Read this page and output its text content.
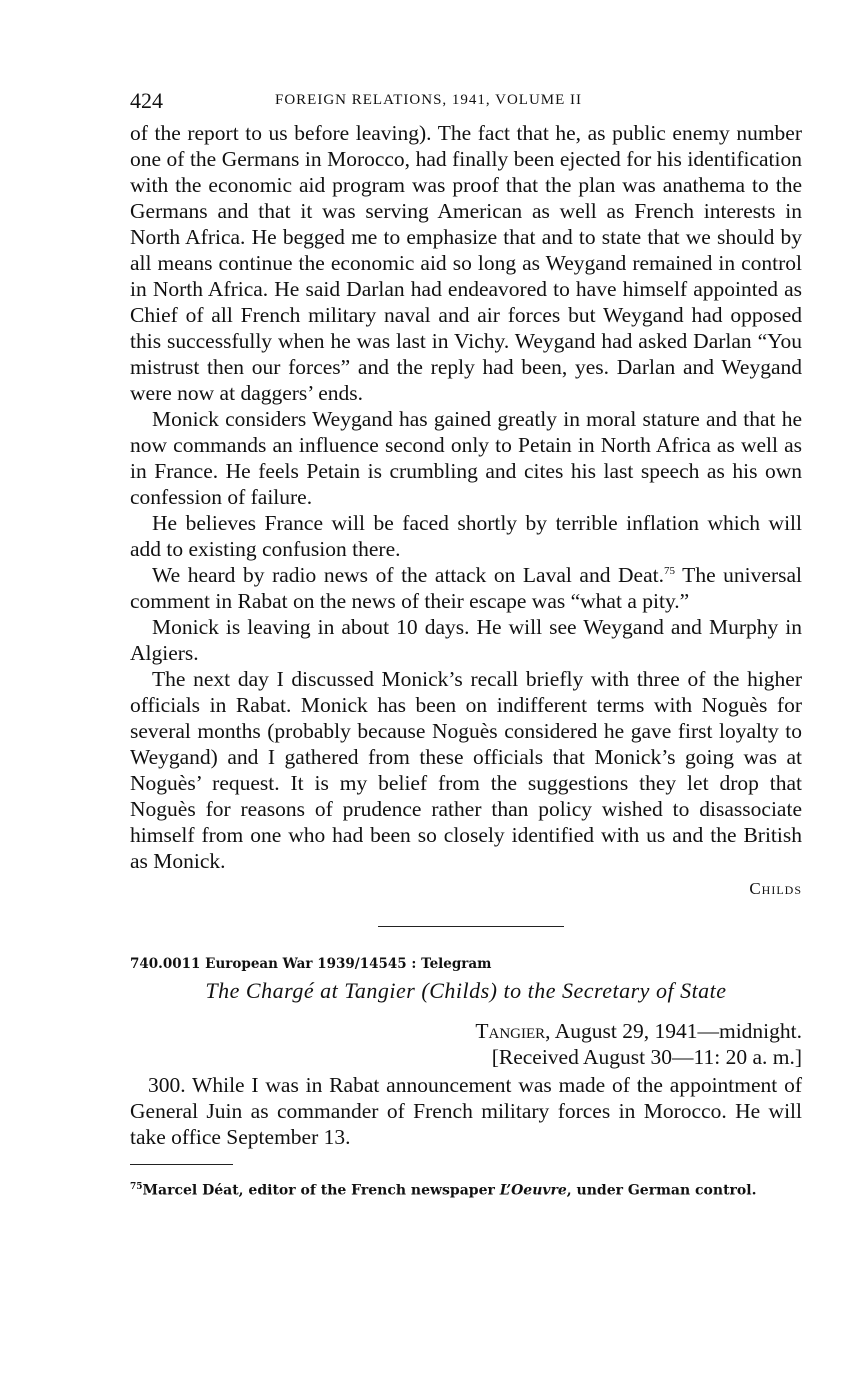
424	FOREIGN RELATIONS, 1941, VOLUME II

of the report to us before leaving). The fact that he, as public enemy number one of the Germans in Morocco, had finally been ejected for his identification with the economic aid program was proof that the plan was anathema to the Germans and that it was serving American as well as French interests in North Africa. He begged me to emphasize that and to state that we should by all means continue the economic aid so long as Weygand remained in control in North Africa. He said Darlan had endeavored to have himself appointed as Chief of all French military naval and air forces but Weygand had opposed this successfully when he was last in Vichy. Weygand had asked Darlan “You mistrust then our forces” and the reply had been, yes. Darlan and Weygand were now at daggers’ ends.

Monick considers Weygand has gained greatly in moral stature and that he now commands an influence second only to Petain in North Africa as well as in France. He feels Petain is crumbling and cites his last speech as his own confession of failure.

He believes France will be faced shortly by terrible inflation which will add to existing confusion there.

We heard by radio news of the attack on Laval and Deat.$^{75}$ The universal comment in Rabat on the news of their escape was “what a pity.”

Monick is leaving in about 10 days. He will see Weygand and Murphy in Algiers.

The next day I discussed Monick’s recall briefly with three of the higher officials in Rabat. Monick has been on indifferent terms with Noguès for several months (probably because Noguès considered he gave first loyalty to Weygand) and I gathered from these officials that Monick’s going was at Noguès’ request. It is my belief from the suggestions they let drop that Noguès for reasons of prudence rather than policy wished to disassociate himself from one who had been so closely identified with us and the British as Monick.

Childs
740.0011 European War 1939/14545 : Telegram
The Chargé at Tangier (Childs) to the Secretary of State
Tangier, August 29, 1941—midnight.
[Received August 30—11: 20 a. m.]

300. While I was in Rabat announcement was made of the appointment of General Juin as commander of French military forces in Morocco. He will take office September 13.

$^{75}$Marcel Déat, editor of the French newspaper L’Oeuvre, under German control.
